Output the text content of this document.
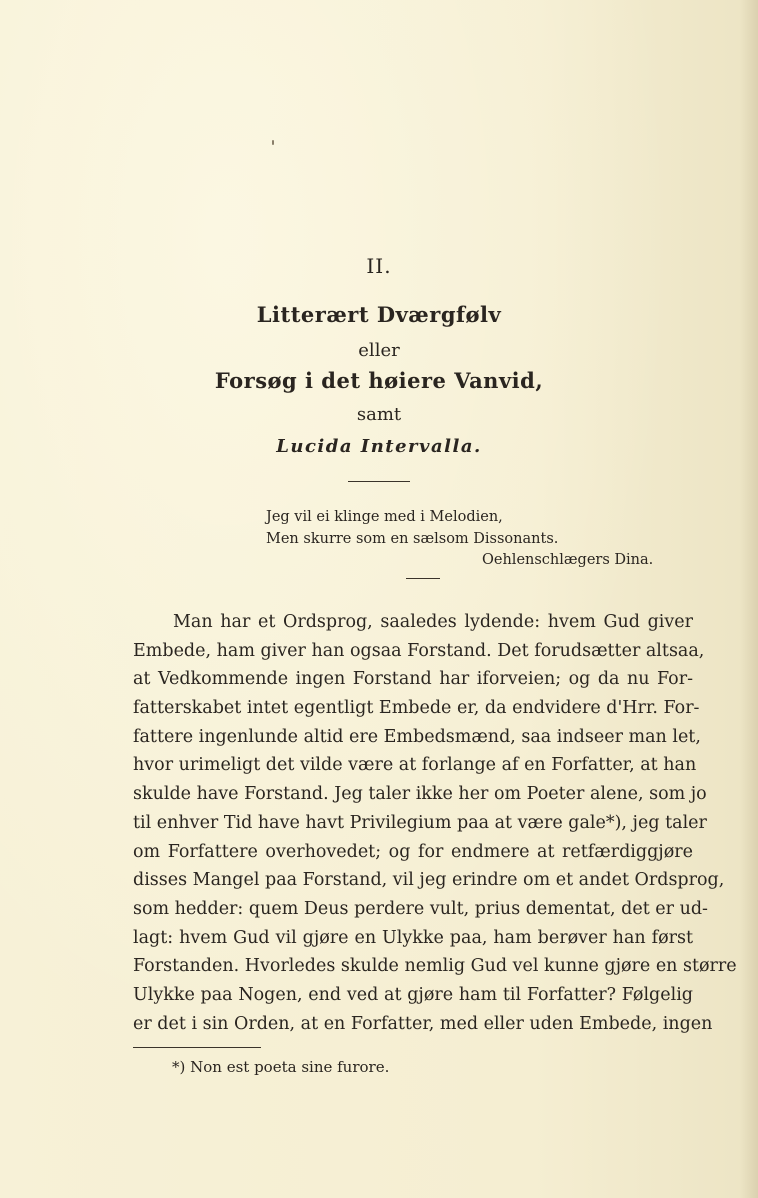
II.
Litterært Dværgfølv
eller
Forsøg i det høiere Vanvid,
samt
Lucida Intervalla.
Jeg vil ei klinge med i Melodien,
Men skurre som en sælsom Dissonants.
Oehlenschlægers Dina.
Man har et Ordsprog, saaledes lydende: hvem Gud giver
Embede, ham giver han ogsaa Forstand. Det forudsætter altsaa,
at Vedkommende ingen Forstand har iforveien; og da nu For-
fatterskabet intet egentligt Embede er, da endvidere d'Hrr. For-
fattere ingenlunde altid ere Embedsmænd, saa indseer man let,
hvor urimeligt det vilde være at forlange af en Forfatter, at han
skulde have Forstand. Jeg taler ikke her om Poeter alene, som jo
til enhver Tid have havt Privilegium paa at være gale*), jeg taler
om Forfattere overhovedet; og for endmere at retfærdiggjøre
disses Mangel paa Forstand, vil jeg erindre om et andet Ordsprog,
som hedder: quem Deus perdere vult, prius dementat, det er ud-
lagt: hvem Gud vil gjøre en Ulykke paa, ham berøver han først
Forstanden. Hvorledes skulde nemlig Gud vel kunne gjøre en større
Ulykke paa Nogen, end ved at gjøre ham til Forfatter? Følgelig
er det i sin Orden, at en Forfatter, med eller uden Embede, ingen
*) Non est poeta sine furore.
